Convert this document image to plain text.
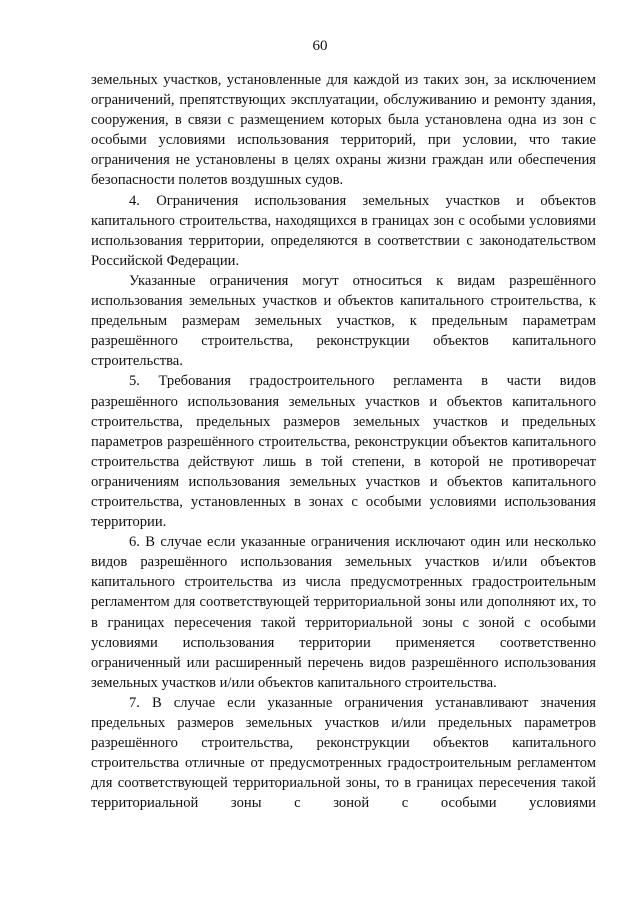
60

земельных участков, установленные для каждой из таких зон, за исключением ограничений, препятствующих эксплуатации, обслуживанию и ремонту здания, сооружения, в связи с размещением которых была установлена одна из зон с особыми условиями использования территорий, при условии, что такие ограничения не установлены в целях охраны жизни граждан или обеспечения безопасности полетов воздушных судов.

4. Ограничения использования земельных участков и объектов капитального строительства, находящихся в границах зон с особыми условиями использования территории, определяются в соответствии с законодательством Российской Федерации.

Указанные ограничения могут относиться к видам разрешённого использования земельных участков и объектов капитального строительства, к предельным размерам земельных участков, к предельным параметрам разрешённого строительства, реконструкции объектов капитального строительства.

5. Требования градостроительного регламента в части видов разрешённого использования земельных участков и объектов капитального строительства, предельных размеров земельных участков и предельных параметров разрешённого строительства, реконструкции объектов капитального строительства действуют лишь в той степени, в которой не противоречат ограничениям использования земельных участков и объектов капитального строительства, установленных в зонах с особыми условиями использования территории.

6. В случае если указанные ограничения исключают один или несколько видов разрешённого использования земельных участков и/или объектов капитального строительства из числа предусмотренных градостроительным регламентом для соответствующей территориальной зоны или дополняют их, то в границах пересечения такой территориальной зоны с зоной с особыми условиями использования территории применяется соответственно ограниченный или расширенный перечень видов разрешённого использования земельных участков и/или объектов капитального строительства.

7. В случае если указанные ограничения устанавливают значения предельных размеров земельных участков и/или предельных параметров разрешённого строительства, реконструкции объектов капитального строительства отличные от предусмотренных градостроительным регламентом для соответствующей территориальной зоны, то в границах пересечения такой территориальной зоны с зоной с особыми условиями
